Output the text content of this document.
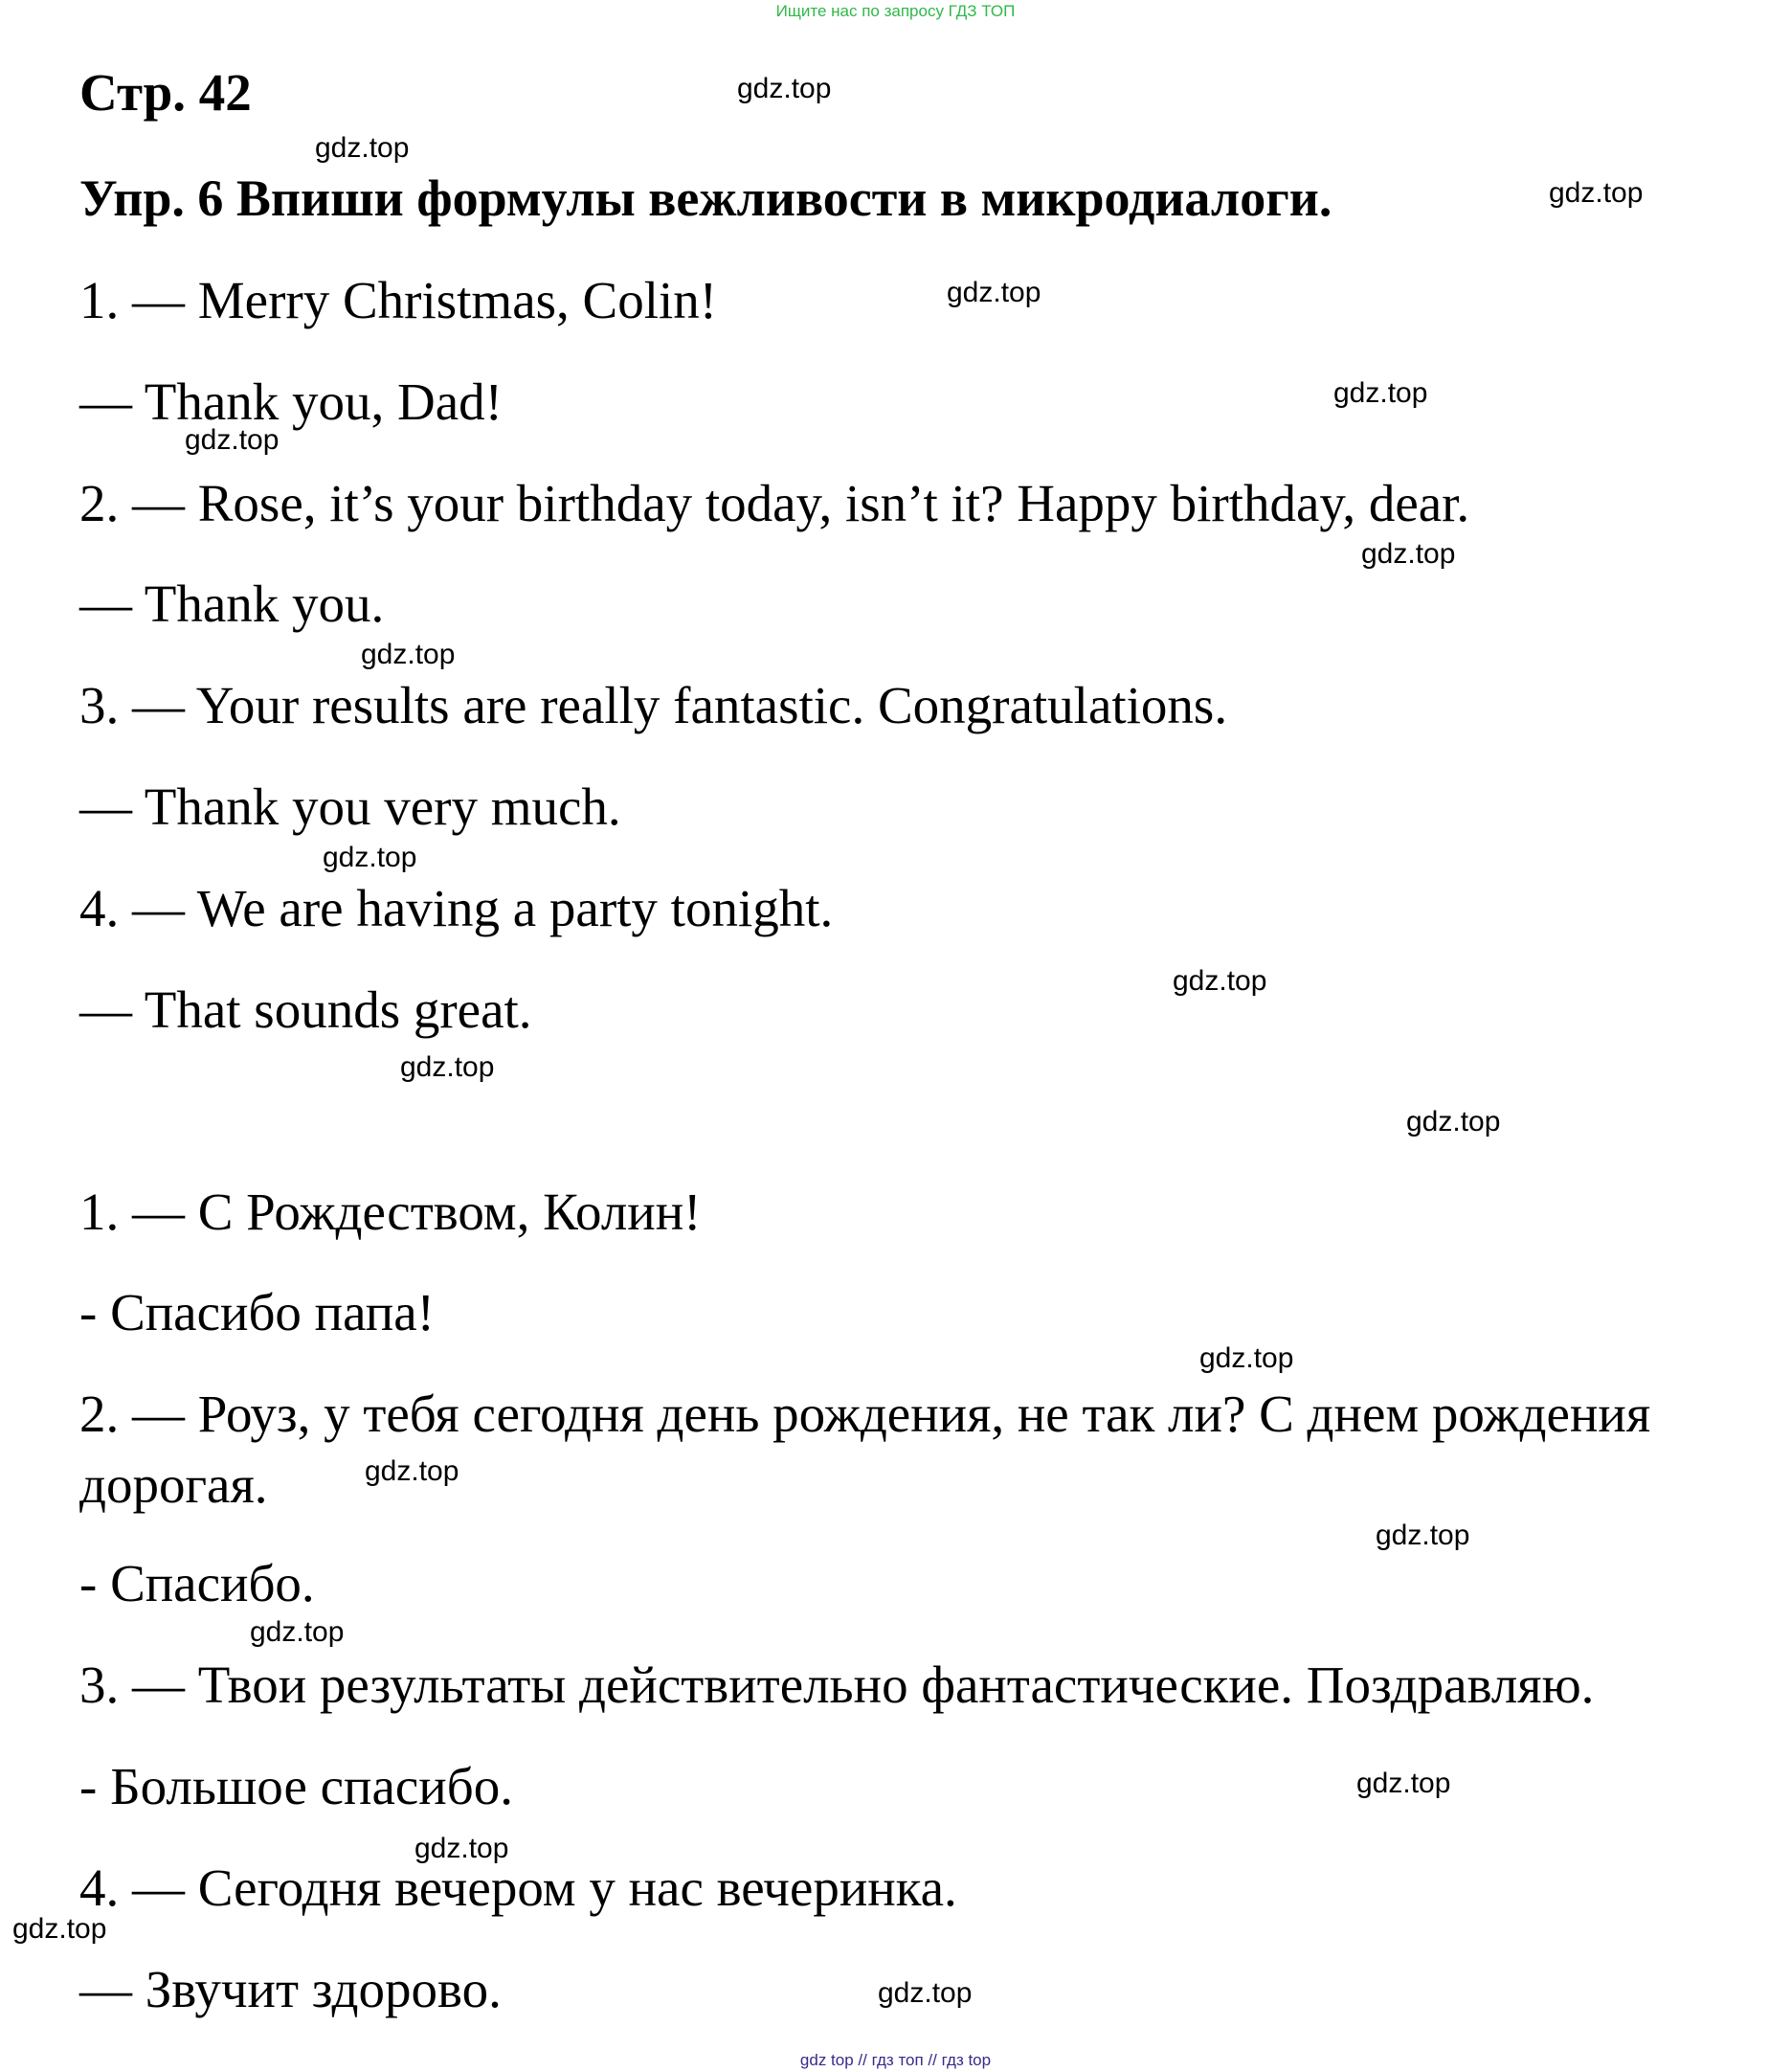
Ищите нас по запросу ГДЗ ТОП
Стр. 42
Упр. 6 Впиши формулы вежливости в микродиалоги.
1. — Merry Christmas, Colin!
— Thank you, Dad!
2. — Rose, it’s your birthday today, isn’t it? Happy birthday, dear.
— Thank you.
3. — Your results are really fantastic. Congratulations.
— Thank you very much.
4. — We are having a party tonight.
— That sounds great.
1. — С Рождеством, Колин!
- Спасибо папа!
2. — Роуз, у тебя сегодня день рождения, не так ли? С днем рождения
дорогая.
- Спасибо.
3. — Твои результаты действительно фантастические. Поздравляю.
- Большое спасибо.
4. — Сегодня вечером у нас вечеринка.
— Звучит здорово.
gdz.top
gdz.top
gdz.top
gdz.top
gdz.top
gdz.top
gdz.top
gdz.top
gdz.top
gdz.top
gdz.top
gdz.top
gdz.top
gdz.top
gdz.top
gdz.top
gdz.top
gdz.top
gdz.top
gdz.top
gdz top // гдз топ // гдз top
